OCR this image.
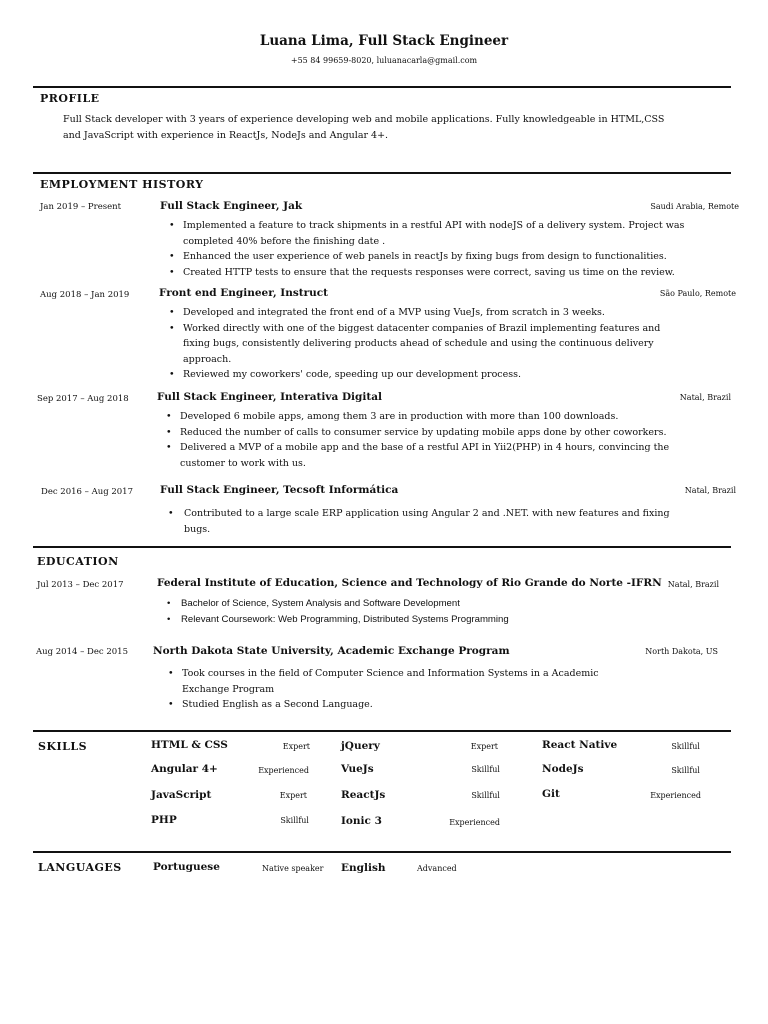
Luana Lima, Full Stack Engineer
+55 84 99659-8020, luluanacarla@gmail.com
PROFILE
Full Stack developer with 3 years of experience developing web and mobile applications. Fully knowledgeable in HTML,CSS
and JavaScript with experience in ReactJs, NodeJs and Angular 4+.
EMPLOYMENT HISTORY
Jan 2019 – Present	Full Stack Engineer, Jak	Saudi Arabia, Remote
• Implemented a feature to track shipments in a restful API with nodeJS of a delivery system. Project was completed 40% before the finishing date .
• Enhanced the user experience of web panels in reactJs by fixing bugs from design to functionalities.
• Created HTTP tests to ensure that the requests responses were correct, saving us time on the review.
Aug 2018 – Jan 2019	Front end Engineer, Instruct	São Paulo, Remote
• Developed and integrated the front end of a MVP using VueJs, from scratch in 3 weeks.
• Worked directly with one of the biggest datacenter companies of Brazil implementing features and fixing bugs, consistently delivering products ahead of schedule and using the continuous delivery approach.
• Reviewed my coworkers' code, speeding up our development process.
Sep 2017 – Aug 2018	Full Stack Engineer, Interativa Digital	Natal, Brazil
• Developed 6 mobile apps, among them 3 are in production with more than 100 downloads.
• Reduced the number of calls to consumer service by updating mobile apps done by other coworkers.
• Delivered a MVP of a mobile app and the base of a restful API in Yii2(PHP) in 4 hours, convincing the customer to work with us.
Dec 2016 – Aug 2017	Full Stack Engineer, Tecsoft Informática	Natal, Brazil
• Contributed to a large scale ERP application using Angular 2 and .NET. with new features and fixing bugs.
EDUCATION
Jul 2013 – Dec 2017	Federal Institute of Education, Science and Technology of Rio Grande do Norte -IFRN Natal, Brazil
• Bachelor of Science, System Analysis and Software Development
• Relevant Coursework: Web Programming, Distributed Systems Programming
Aug 2014 – Dec 2015 North Dakota State University, Academic Exchange Program	North Dakota, US
• Took courses in the field of Computer Science and Information Systems in a Academic Exchange Program
• Studied English as a Second Language.
SKILLS	HTML & CSS	Expert	jQuery	Expert	React Native	Skillful
Angular 4+	Experienced	VueJs	Skillful	NodeJs	Skillful
JavaScript	Expert	ReactJs	Skillful	Git	Experienced
PHP	Skillful	Ionic 3	Experienced
LANGUAGES	Portuguese	Native speaker English	Advanced
